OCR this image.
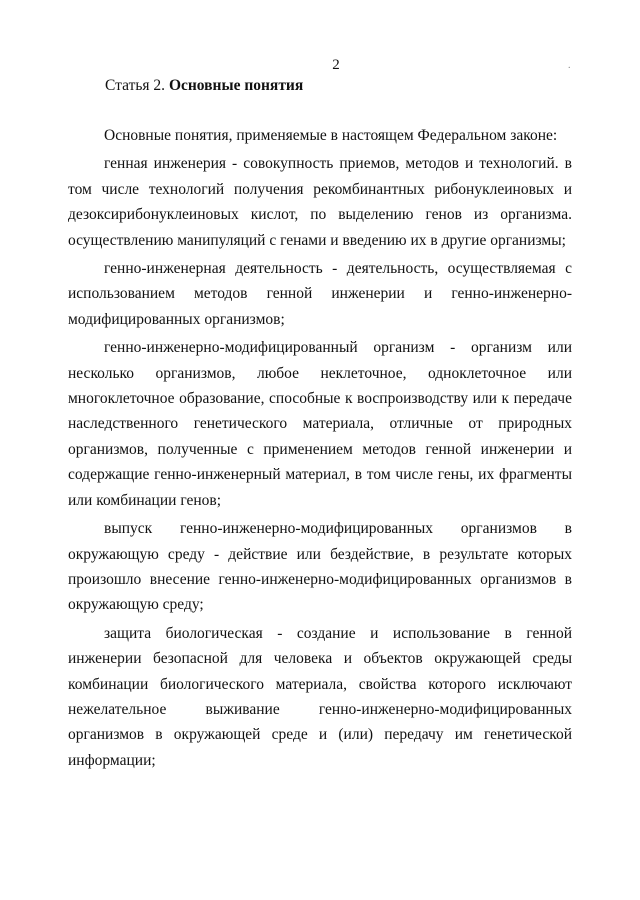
2	.
Статья 2. Основные понятия

Основные понятия, применяемые в настоящем Федеральном законе:

генная инженерия - совокупность приемов, методов и технологий. в том числе технологий получения рекомбинантных рибонуклеиновых и дезоксирибонуклеиновых кислот, по выделению генов из организма. осуществлению манипуляций с генами и введению их в другие организмы;

генно-инженерная деятельность - деятельность, осуществляемая с использованием методов генной инженерии и генно-инженерно-модифицированных организмов;

генно-инженерно-модифицированный организм - организм или несколько организмов, любое неклеточное, одноклеточное или многоклеточное образование, способные к воспроизводству или к передаче наследственного генетического материала, отличные от природных организмов, полученные с применением методов генной инженерии и содержащие генно-инженерный материал, в том числе гены, их фрагменты или комбинации генов;

выпуск генно-инженерно-модифицированных организмов в окружающую среду - действие или бездействие, в результате которых произошло внесение генно-инженерно-модифицированных организмов в окружающую среду;

защита биологическая - создание и использование в генной инженерии безопасной для человека и объектов окружающей среды комбинации биологического материала, свойства которого исключают нежелательное выживание генно-инженерно-модифицированных организмов в окружающей среде и (или) передачу им генетической информации;
